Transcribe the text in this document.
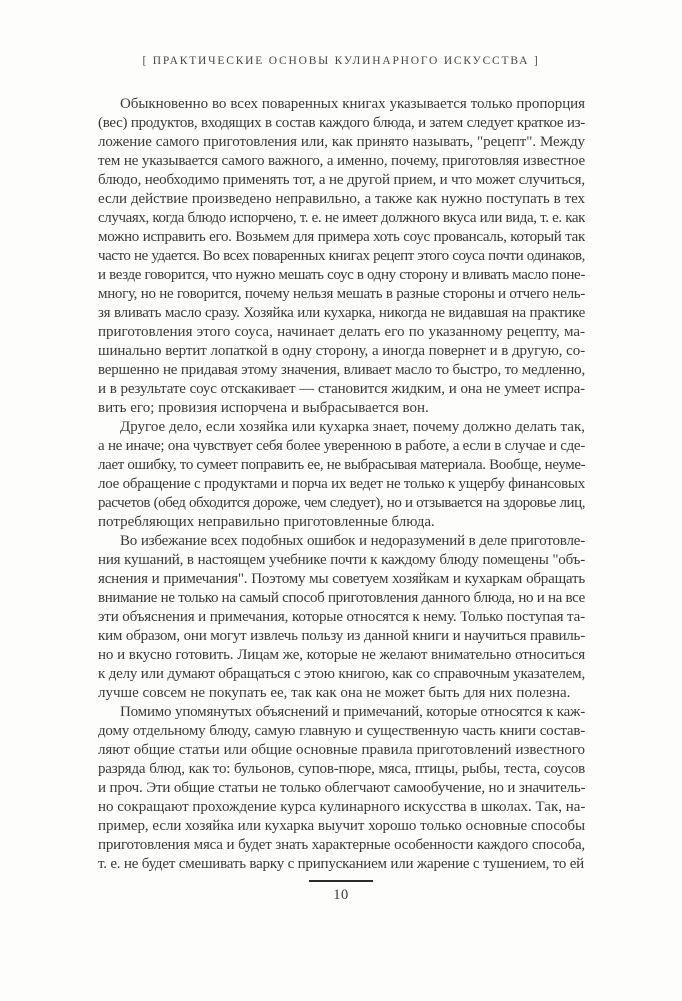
[ ПРАКТИЧЕСКИЕ ОСНОВЫ КУЛИНАРНОГО ИСКУССТВА ]
Обыкновенно во всех поваренных книгах указывается только пропорция
(вес) продуктов, входящих в состав каждого блюда, и затем следует краткое из-
ложение самого приготовления или, как принято называть, "рецепт". Между
тем не указывается самого важного, а именно, почему, приготовляя известное
блюдо, необходимо применять тот, а не другой прием, и что может случиться,
если действие произведено неправильно, а также как нужно поступать в тех
случаях, когда блюдо испорчено, т. е. не имеет должного вкуса или вида, т. е. как
можно исправить его. Возьмем для примера хоть соус провансаль, который так
часто не удается. Во всех поваренных книгах рецепт этого соуса почти одинаков,
и везде говорится, что нужно мешать соус в одну сторону и вливать масло поне-
многу, но не говорится, почему нельзя мешать в разные стороны и отчего нель-
зя вливать масло сразу. Хозяйка или кухарка, никогда не видавшая на практике
приготовления этого соуса, начинает делать его по указанному рецепту, ма-
шинально вертит лопаткой в одну сторону, а иногда повернет и в другую, со-
вершенно не придавая этому значения, вливает масло то быстро, то медленно,
и в результате соус отскакивает — становится жидким, и она не умеет испра-
вить его; провизия испорчена и выбрасывается вон.
Другое дело, если хозяйка или кухарка знает, почему должно делать так,
а не иначе; она чувствует себя более уверенною в работе, а если в случае и сде-
лает ошибку, то сумеет поправить ее, не выбрасывая материала. Вообще, неуме-
лое обращение с продуктами и порча их ведет не только к ущербу финансовых
расчетов (обед обходится дороже, чем следует), но и отзывается на здоровье лиц,
потребляющих неправильно приготовленные блюда.
Во избежание всех подобных ошибок и недоразумений в деле приготовле-
ния кушаний, в настоящем учебнике почти к каждому блюду помещены "объ-
яснения и примечания". Поэтому мы советуем хозяйкам и кухаркам обращать
внимание не только на самый способ приготовления данного блюда, но и на все
эти объяснения и примечания, которые относятся к нему. Только поступая та-
ким образом, они могут извлечь пользу из данной книги и научиться правиль-
но и вкусно готовить. Лицам же, которые не желают внимательно относиться
к делу или думают обращаться с этою книгою, как со справочным указателем,
лучше совсем не покупать ее, так как она не может быть для них полезна.
Помимо упомянутых объяснений и примечаний, которые относятся к каж-
дому отдельному блюду, самую главную и существенную часть книги состав-
ляют общие статьи или общие основные правила приготовлений известного
разряда блюд, как то: бульонов, супов-пюре, мяса, птицы, рыбы, теста, соусов
и проч. Эти общие статьи не только облегчают самообучение, но и значитель-
но сокращают прохождение курса кулинарного искусства в школах. Так, на-
пример, если хозяйка или кухарка выучит хорошо только основные способы
приготовления мяса и будет знать характерные особенности каждого способа,
т. е. не будет смешивать варку с припусканием или жарение с тушением, то ей
10
